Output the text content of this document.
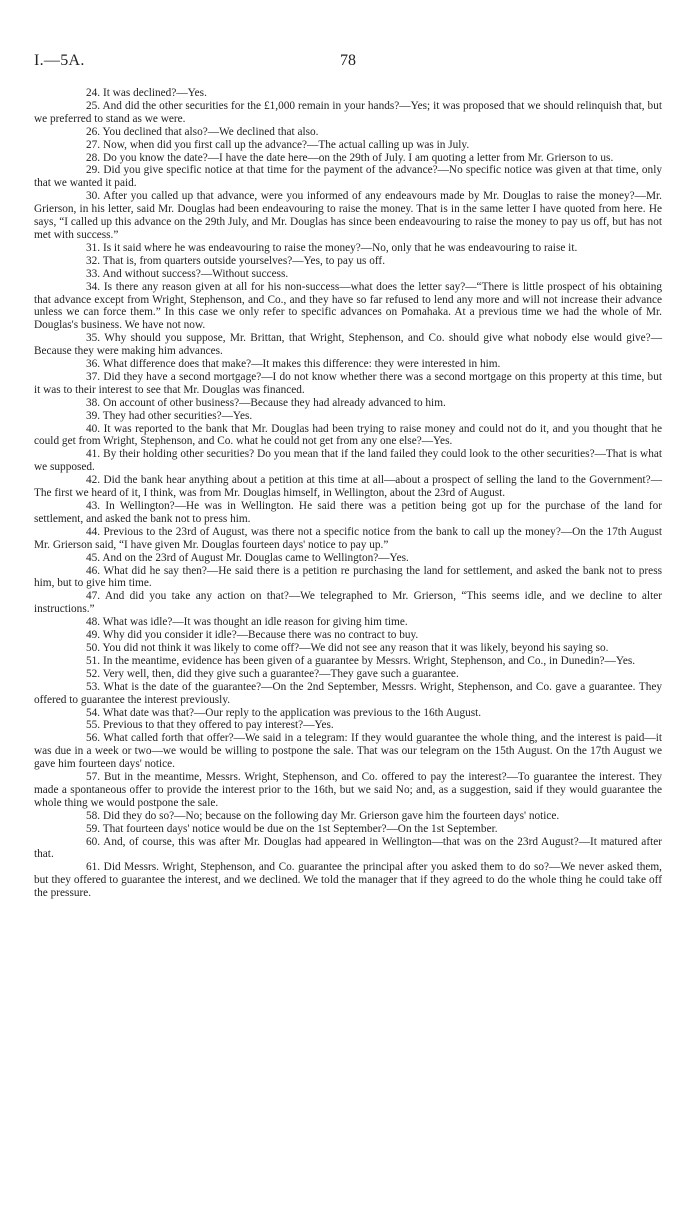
I.—5A.	78

24. It was declined?—Yes.

25. And did the other securities for the £1,000 remain in your hands?—Yes; it was proposed that we should relinquish that, but we preferred to stand as we were.

26. You declined that also?—We declined that also.

27. Now, when did you first call up the advance?—The actual calling up was in July.

28. Do you know the date?—I have the date here—on the 29th of July. I am quoting a letter from Mr. Grierson to us.

29. Did you give specific notice at that time for the payment of the advance?—No specific notice was given at that time, only that we wanted it paid.

30. After you called up that advance, were you informed of any endeavours made by Mr. Douglas to raise the money?—Mr. Grierson, in his letter, said Mr. Douglas had been endeavouring to raise the money. That is in the same letter I have quoted from here. He says, “I called up this advance on the 29th July, and Mr. Douglas has since been endeavouring to raise the money to pay us off, but has not met with success.”

31. Is it said where he was endeavouring to raise the money?—No, only that he was endeavouring to raise it.

32. That is, from quarters outside yourselves?—Yes, to pay us off.

33. And without success?—Without success.

34. Is there any reason given at all for his non-success—what does the letter say?—“There is little prospect of his obtaining that advance except from Wright, Stephenson, and Co., and they have so far refused to lend any more and will not increase their advance unless we can force them.” In this case we only refer to specific advances on Pomahaka. At a previous time we had the whole of Mr. Douglas's business. We have not now.

35. Why should you suppose, Mr. Brittan, that Wright, Stephenson, and Co. should give what nobody else would give?—Because they were making him advances.

36. What difference does that make?—It makes this difference: they were interested in him.

37. Did they have a second mortgage?—I do not know whether there was a second mortgage on this property at this time, but it was to their interest to see that Mr. Douglas was financed.

38. On account of other business?—Because they had already advanced to him.

39. They had other securities?—Yes.

40. It was reported to the bank that Mr. Douglas had been trying to raise money and could not do it, and you thought that he could get from Wright, Stephenson, and Co. what he could not get from any one else?—Yes.

41. By their holding other securities? Do you mean that if the land failed they could look to the other securities?—That is what we supposed.

42. Did the bank hear anything about a petition at this time at all—about a prospect of selling the land to the Government?—The first we heard of it, I think, was from Mr. Douglas himself, in Wellington, about the 23rd of August.

43. In Wellington?—He was in Wellington. He said there was a petition being got up for the purchase of the land for settlement, and asked the bank not to press him.

44. Previous to the 23rd of August, was there not a specific notice from the bank to call up the money?—On the 17th August Mr. Grierson said, “I have given Mr. Douglas fourteen days' notice to pay up.”

45. And on the 23rd of August Mr. Douglas came to Wellington?—Yes.

46. What did he say then?—He said there is a petition re purchasing the land for settlement, and asked the bank not to press him, but to give him time.

47. And did you take any action on that?—We telegraphed to Mr. Grierson, “This seems idle, and we decline to alter instructions.”

48. What was idle?—It was thought an idle reason for giving him time.

49. Why did you consider it idle?—Because there was no contract to buy.

50. You did not think it was likely to come off?—We did not see any reason that it was likely, beyond his saying so.

51. In the meantime, evidence has been given of a guarantee by Messrs. Wright, Stephenson, and Co., in Dunedin?—Yes.

52. Very well, then, did they give such a guarantee?—They gave such a guarantee.

53. What is the date of the guarantee?—On the 2nd September, Messrs. Wright, Stephenson, and Co. gave a guarantee. They offered to guarantee the interest previously.

54. What date was that?—Our reply to the application was previous to the 16th August.

55. Previous to that they offered to pay interest?—Yes.

56. What called forth that offer?—We said in a telegram: If they would guarantee the whole thing, and the interest is paid—it was due in a week or two—we would be willing to postpone the sale. That was our telegram on the 15th August. On the 17th August we gave him fourteen days' notice.

57. But in the meantime, Messrs. Wright, Stephenson, and Co. offered to pay the interest?—To guarantee the interest. They made a spontaneous offer to provide the interest prior to the 16th, but we said No; and, as a suggestion, said if they would guarantee the whole thing we would postpone the sale.

58. Did they do so?—No; because on the following day Mr. Grierson gave him the fourteen days' notice.

59. That fourteen days' notice would be due on the 1st September?—On the 1st September.

60. And, of course, this was after Mr. Douglas had appeared in Wellington—that was on the 23rd August?—It matured after that.

61. Did Messrs. Wright, Stephenson, and Co. guarantee the principal after you asked them to do so?—We never asked them, but they offered to guarantee the interest, and we declined. We told the manager that if they agreed to do the whole thing he could take off the pressure.
